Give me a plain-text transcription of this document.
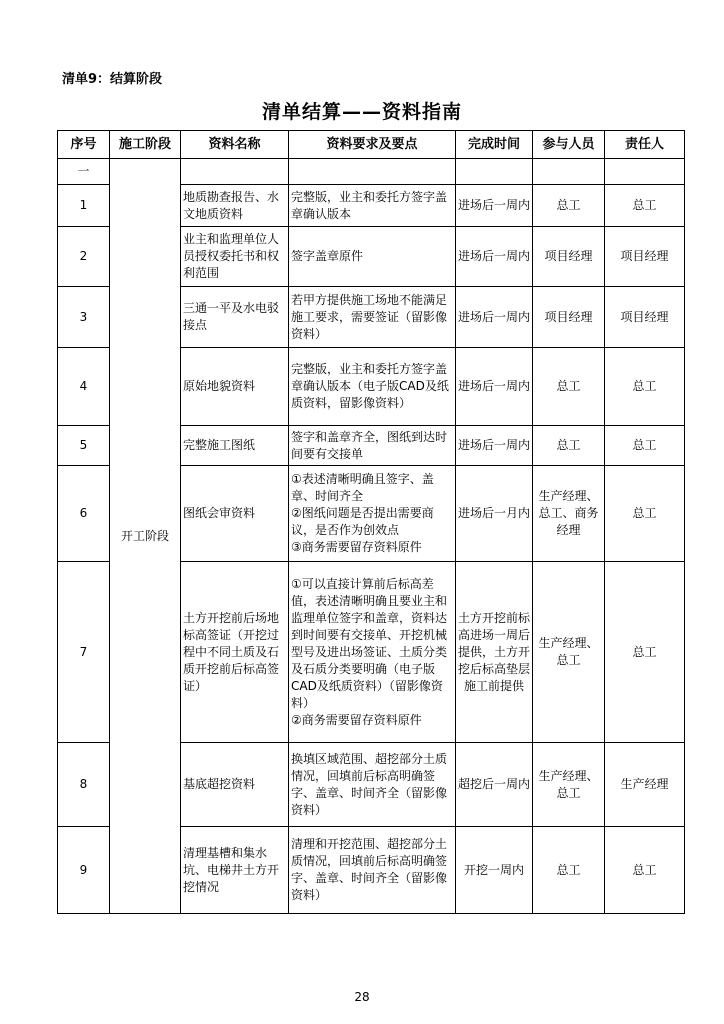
清单9：结算阶段
清单结算——资料指南
序号	施工阶段	资料名称	资料要求及要点	完成时间	参与人员	责任人
一	开工阶段					
1		地质勘查报告、水文地质资料	完整版，业主和委托方签字盖章确认版本	进场后一周内	总工	总工
2		业主和监理单位人员授权委托书和权利范围	签字盖章原件	进场后一周内	项目经理	项目经理
3		三通一平及水电驳接点	若甲方提供施工场地不能满足施工要求，需要签证（留影像资料）	进场后一周内	项目经理	项目经理
4		原始地貌资料	完整版，业主和委托方签字盖章确认版本（电子版CAD及纸质资料，留影像资料）	进场后一周内	总工	总工
5		完整施工图纸	签字和盖章齐全，图纸到达时间要有交接单	进场后一周内	总工	总工
6		图纸会审资料	①表述清晰明确且签字、盖章、时间齐全
②图纸问题是否提出需要商议，是否作为创效点
③商务需要留存资料原件	进场后一月内	生产经理、总工、商务经理	总工
7		土方开挖前后场地标高签证（开挖过程中不同土质及石质开挖前后标高签证）	①可以直接计算前后标高差值，表述清晰明确且要业主和监理单位签字和盖章，资料达到时间要有交接单、开挖机械型号及进出场签证、土质分类及石质分类要明确（电子版CAD及纸质资料）（留影像资料）
②商务需要留存资料原件	土方开挖前标高进场一周后提供，土方开挖后标高垫层施工前提供	生产经理、总工	总工
8		基底超挖资料	换填区域范围、超挖部分土质情况，回填前后标高明确签字、盖章、时间齐全（留影像资料）	超挖后一周内	生产经理、总工	生产经理
9		清理基槽和集水坑、电梯井土方开挖情况	清理和开挖范围、超挖部分土质情况，回填前后标高明确签字、盖章、时间齐全（留影像资料）	开挖一周内	总工	总工
28
